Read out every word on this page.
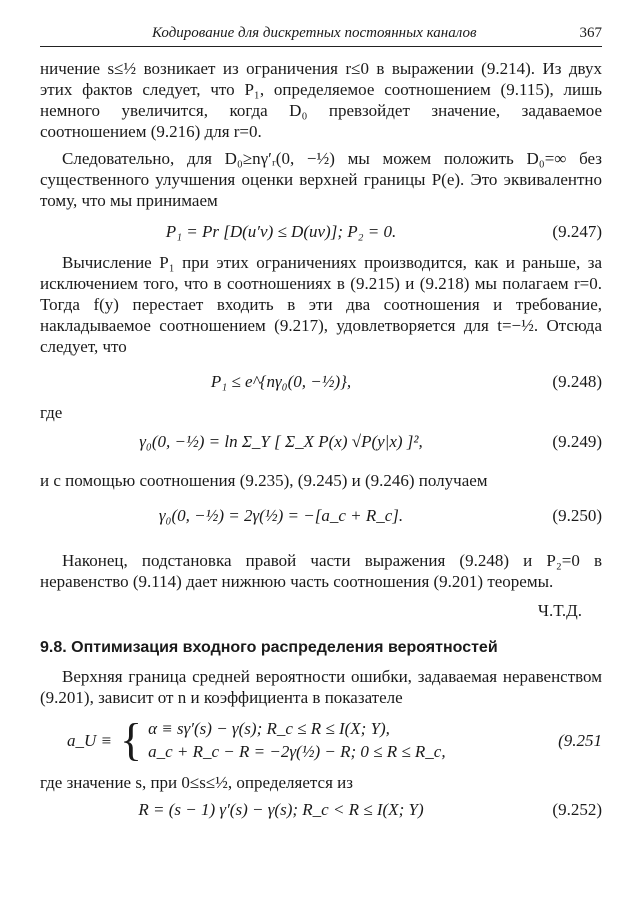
Кодирование для дискретных постоянных каналов	367

ничение s≤½ возникает из ограничения r≤0 в выражении (9.214). Из двух этих фактов следует, что P₁, определяемое соотношением (9.115), лишь немного увеличится, когда D₀ превзойдет значение, задаваемое соотношением (9.216) для r=0.

Следовательно, для D₀≥nγ′ᵣ(0, −½) мы можем положить D₀=∞ без существенного улучшения оценки верхней границы P(e). Это эквивалентно тому, что мы принимаем

P₁ = Pr [D(u′v) ≤ D(uv)]; P₂ = 0.	(9.247)

Вычисление P₁ при этих ограничениях производится, как и раньше, за исключением того, что в соотношениях в (9.215) и (9.218) мы полагаем r=0. Тогда f(y) перестает входить в эти два соотношения и требование, накладываемое соотношением (9.217), удовлетворяется для t=−½. Отсюда следует, что

P₁ ≤ e^{nγ₀(0, −½)},	(9.248)

где

γ₀(0, −½) = ln Σ_Y [ Σ_X P(x) √P(y|x) ]²,	(9.249)

и с помощью соотношения (9.235), (9.245) и (9.246) получаем

γ₀(0, −½) = 2γ(½) = −[a_c + R_c].	(9.250)

Наконец, подстановка правой части выражения (9.248) и P₂=0 в неравенство (9.114) дает нижнюю часть соотношения (9.201) теоремы.

Ч.Т.Д.

9.8. Оптимизация входного распределения вероятностей

Верхняя граница средней вероятности ошибки, задаваемая неравенством (9.201), зависит от n и коэффициента в показателе

a_U ≡ { α ≡ sγ′(s) − γ(s); R_c ≤ R ≤ I(X; Y),
a_c + R_c − R = −2γ(½) − R; 0 ≤ R ≤ R_c,
(9.251

где значение s, при 0≤s≤½, определяется из

R = (s − 1) γ′(s) − γ(s); R_c < R ≤ I(X; Y)	(9.252)
